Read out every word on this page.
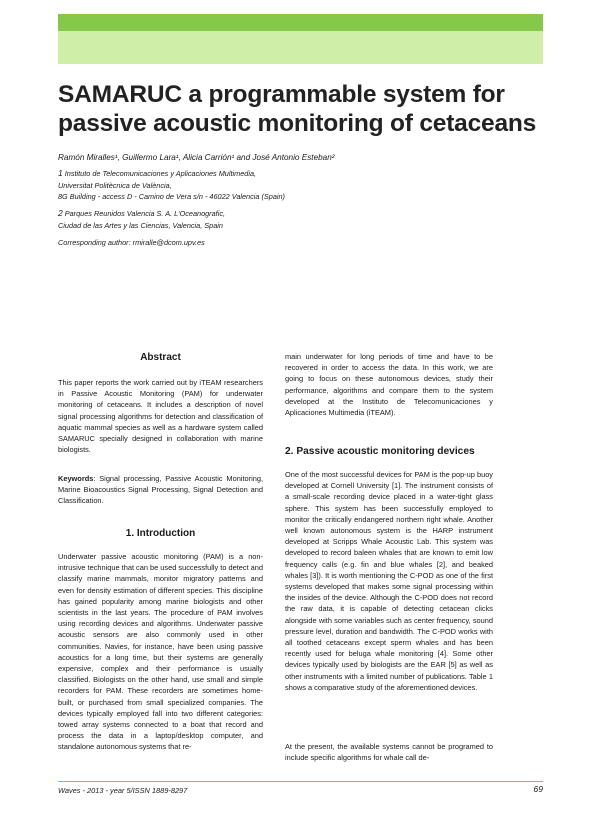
SAMARUC a programmable system for passive acoustic monitoring of cetaceans
Ramón Miralles¹, Guillermo Lara¹, Alicia Carrión¹ and José Antonio Esteban²
1 Instituto de Telecomunicaciones y Aplicaciones Multimedia,
Universitat Politècnica de València,
8G Building - access D - Camino de Vera s/n - 46022 Valencia (Spain)
2 Parques Reunidos Valencia S. A. L'Oceanografic,
Ciudad de las Artes y las Ciencias, Valencia, Spain
Corresponding author: rmiralle@dcom.upv.es
Abstract

This paper reports the work carried out by iTEAM researchers in Passive Acoustic Monitoring (PAM) for underwater monitoring of cetaceans. It includes a description of novel signal processing algorithms for detection and classification of aquatic mammal species as well as a hardware system called SAMARUC specially designed in collaboration with marine biologists.

Keywords: Signal processing, Passive Acoustic Monitoring, Marine Bioacoustics Signal Processing, Signal Detection and Classification.

1. Introduction

Underwater passive acoustic monitoring (PAM) is a non-intrusive technique that can be used successfully to detect and classify marine mammals, monitor migratory patterns and even for density estimation of different species. This discipline has gained popularity among marine biologists and other scientists in the last years. The procedure of PAM involves using recording devices and algorithms. Underwater passive acoustic sensors are also commonly used in other communities. Navies, for instance, have been using passive acoustics for a long time, but their systems are generally expensive, complex and their performance is usually classified. Biologists on the other hand, use small and simple recorders for PAM. These recorders are sometimes home-built, or purchased from small specialized companies. The devices typically employed fall into two different categories: towed array systems connected to a boat that record and process the data in a laptop/desktop computer, and standalone autonomous systems that re-

main underwater for long periods of time and have to be recovered in order to access the data. In this work, we are going to focus on these autonomous devices, study their performance, algorithms and compare them to the system developed at the Instituto de Telecomunicaciones y Aplicaciones Multimedia (iTEAM).

2. Passive acoustic monitoring devices

One of the most successful devices for PAM is the pop-up buoy developed at Cornell University [1]. The instrument consists of a small-scale recording device placed in a water-tight glass sphere. This system has been successfully employed to monitor the critically endangered northern right whale. Another well known autonomous system is the HARP instrument developed at Scripps Whale Acoustic Lab. This system was developed to record baleen whales that are known to emit low frequency calls (e.g. fin and blue whales [2], and beaked whales [3]). It is worth mentioning the C-POD as one of the first systems developed that makes some signal processing within the insides of the device. Although the C-POD does not record the raw data, it is capable of detecting cetacean clicks alongside with some variables such as center frequency, sound pressure level, duration and bandwidth. The C-POD works with all toothed cetaceans except sperm whales and has been recently used for beluga whale monitoring [4]. Some other devices typically used by biologists are the EAR [5] as well as other instruments with a limited number of publications. Table 1 shows a comparative study of the aforementioned devices.

At the present, the available systems cannot be programed to include specific algorithms for whale call de-

Waves - 2013 - year 5/ISSN 1889-8297	69
